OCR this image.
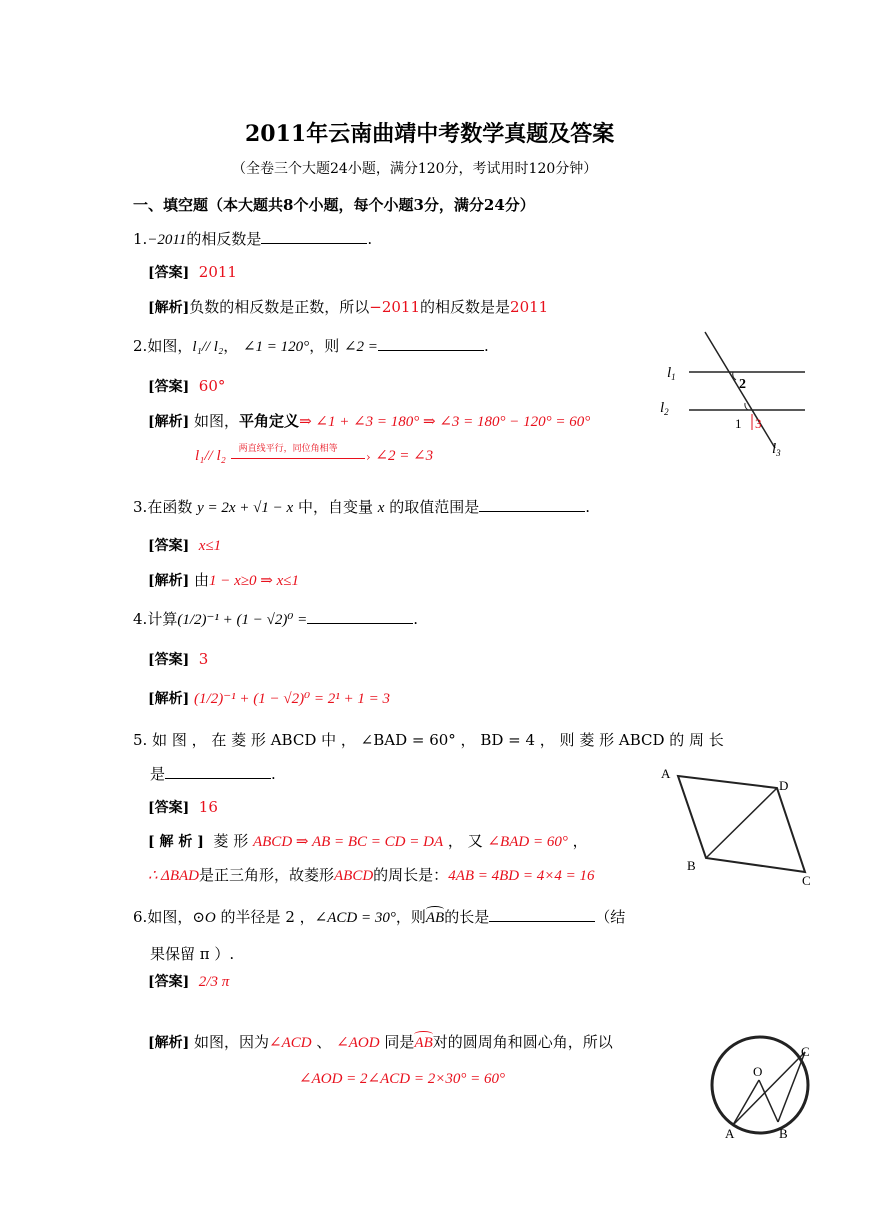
2011年云南曲靖中考数学真题及答案
（全卷三个大题24小题，满分120分，考试用时120分钟）
一、填空题（本大题共8个小题，每个小题3分，满分24分）
1.−2011的相反数是	.
[答案] 2011
[解析]负数的相反数是正数，所以−2011的相反数是是2011
2.如图，l₁// l₂， ∠1 = 120°，则 ∠2 =	.
[答案] 60°
[解析] 如图，平角定义⇒ ∠1 + ∠3 = 180° ⇒ ∠3 = 180° − 120° = 60°
l₁// l₂ 两直线平行，同位角相等
› ∠2 = ∠3
$l_1$
$l_2$
$l_3$
2
1 3
3.在函数 y = 2x + √1 − x 中，自变量 x 的取值范围是	.
[答案] x≤1
[解析] 由1 − x≥0 ⇒ x≤1
4.计算(1/2)⁻¹ + (1 − √2)⁰ =	.
[答案] 3
[解析] (1/2)⁻¹ + (1 − √2)⁰ = 2¹ + 1 = 3
5. 如 图 ， 在 菱 形 ABCD 中 ， ∠BAD = 60° ， BD = 4 ， 则 菱 形 ABCD 的 周 长
是	.
[答案] 16
[ 解 析 ] 菱 形 ABCD ⇒ AB = BC = CD = DA ， 又 ∠BAD = 60° ，
∴ ΔBAD是正三角形，故菱形ABCD的周长是：4AB = 4BD = 4×4 = 16
A
D
B
C
6.如图，⊙O 的半径是 2 ，∠ACD = 30°，则
AB的长是	（结
果保留 π ）.
[答案] 2/3 π
[解析] 如图，因为∠ACD 、 ∠AOD 同是
AB对的圆周角和圆心角，所以
∠AOD = 2∠ACD = 2×30° = 60°	O
C
A	B
